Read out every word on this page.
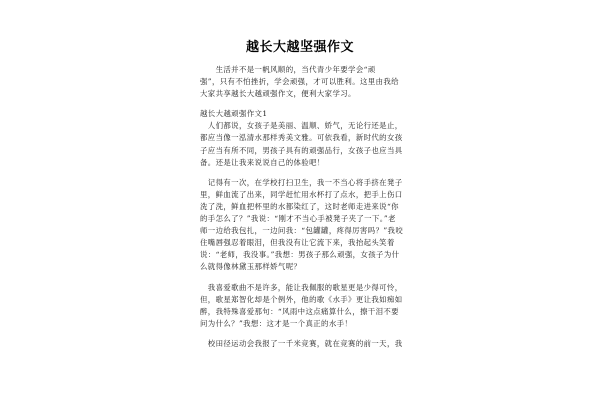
越长大越坚强作文
　　生活并不是一帆风顺的，当代青少年要学会“顽
强”，只有不怕挫折，学会顽强，才可以胜利。这里由我给
大家共享越长大越顽强作文，便利大家学习。
越长大越顽强作文1
　人们都说，女孩子是美丽、温顺、娇气，无论行还是止，
都应当像一泓清水那样秀美文雅。可依我看，新时代的女孩
子应当有所不同，男孩子具有的顽强品行，女孩子也应当具
备。还是让我来说说自己的体验吧！
　记得有一次，在学校打扫卫生，我一不当心将手挤在凳子
里，鲜血流了出来，同学赶忙用水杯打了点水，把手上伤口
洗了洗，鲜血把杯里的水都染红了，这时老师走进来说“你
的手怎么了？”我说：“刚才不当心手被凳子夹了一下。”老
师一边给我包扎，一边问我：“包罐罐，疼得厉害吗？”我咬
住嘴唇强忍着眼泪，但我没有让它流下来，我抬起头笑着
说：“老师，我没事。”我想：男孩子那么顽强，女孩子为什
么就得像林黛玉那样娇气呢？
　我喜爱歌曲不是许多，能让我佩服的歌星更是少得可怜，
但，歌星郑智化却是个例外，他的歌《水手》更让我如痴如
醉，我特殊喜爱那句：“风雨中这点痛算什么，擦干泪不要
问为什么？”我想：这才是一个真正的水手！
　校田径运动会我报了一千米竞赛，就在竞赛的前一天，我
